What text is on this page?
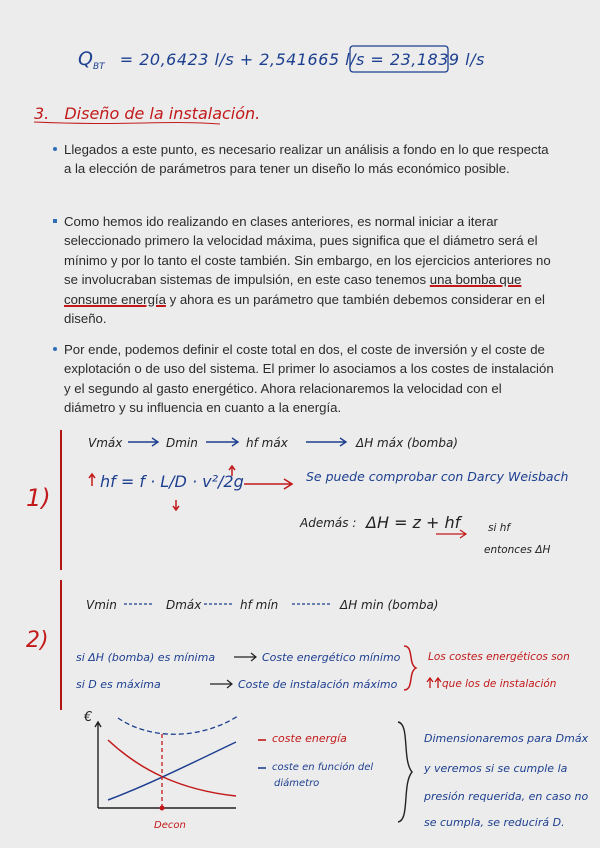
$Q_{BT} = 20,6423$ l/s + 2,541665 l/s = 23,1839 l/s
3. Diseño de la instalación.
Llegados a este punto, es necesario realizar un análisis a fondo en lo que respecta a la elección de parámetros para tener un diseño lo más económico posible.
Como hemos ido realizando en clases anteriores, es normal iniciar a iterar seleccionado primero la velocidad máxima, pues significa que el diámetro será el mínimo y por lo tanto el coste también. Sin embargo, en los ejercicios anteriores no se involucraban sistemas de impulsión, en este caso tenemos una bomba que consume energía y ahora es un parámetro que también debemos considerar en el diseño.
Por ende, podemos definir el coste total en dos, el coste de inversión y el coste de explotación o de uso del sistema. El primer lo asociamos a los costes de instalación y el segundo al gasto energético. Ahora relacionaremos la velocidad con el diámetro y su influencia en cuanto a la energía.
1)
Vmáx	Dmin	hf máx	ΔH máx (bomba)
hf = f · L/D · v²/2g	Se puede comprobar con Darcy Weisbach
Además : ΔH = z + hf	si hf
entonces ΔH
2)
Vmin	Dmáx	hf mín	ΔH min (bomba)
si ΔH (bomba) es mínima	Coste energético mínimo
si D es máxima	Coste de instalación máximo
Los costes energéticos son
que los de instalación
€
Decon
coste energía
coste en función del
diámetro
Dimensionaremos para Dmáx
y veremos si se cumple la
presión requerida, en caso no
se cumpla, se reducirá D.
